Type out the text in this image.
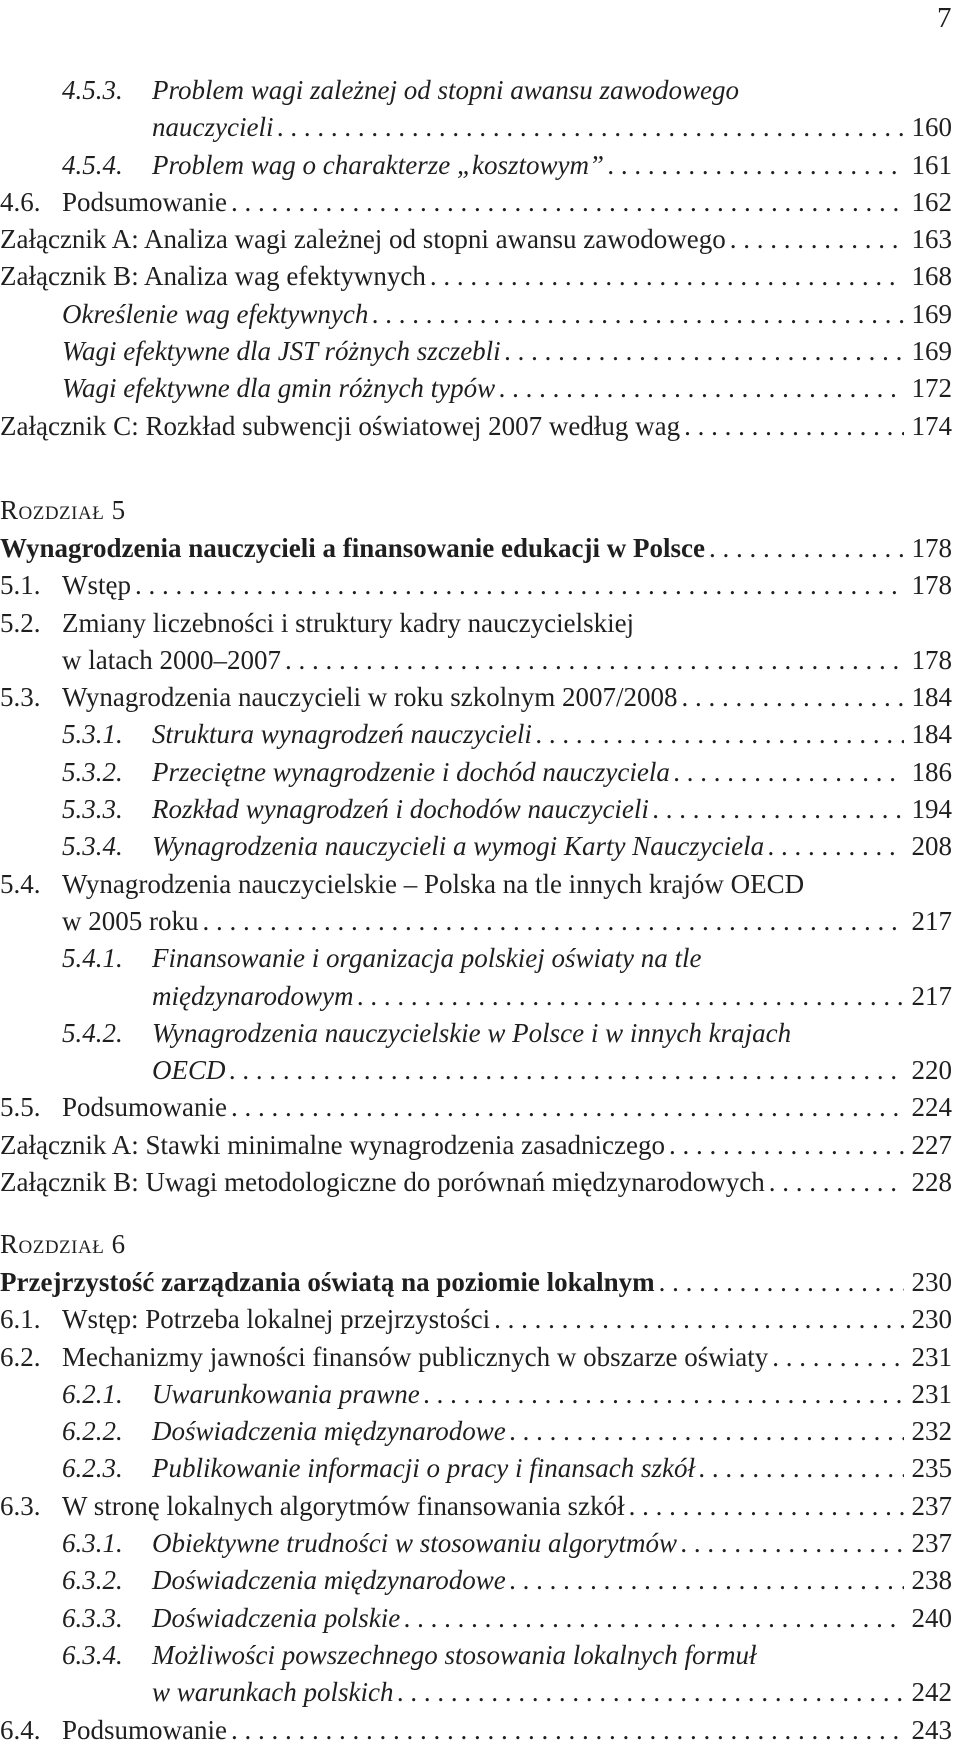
7
4.5.3.	Problem wagi zależnej od stopni awansu zawodowego
nauczycieli . . .	160
4.5.4.	Problem wag o charakterze „kosztowym” . . .	161
4.6. Podsumowanie . . .	162
Załącznik A: Analiza wagi zależnej od stopni awansu zawodowego . . .	163
Załącznik B: Analiza wag efektywnych . . .	168
Określenie wag efektywnych . . .	169
Wagi efektywne dla JST różnych szczebli . . .	169
Wagi efektywne dla gmin różnych typów . . .	172
Załącznik C: Rozkład subwencji oświatowej 2007 według wag . . .	174
Rozdział 5
Wynagrodzenia nauczycieli a finansowanie edukacji w Polsce . . .	178
5.1. Wstęp . . .	178
5.2. Zmiany liczebności i struktury kadry nauczycielskiej
w latach 2000–2007 . . .	178
5.3. Wynagrodzenia nauczycieli w roku szkolnym 2007/2008 . . .	184
5.3.1.	Struktura wynagrodzeń nauczycieli . . .	184
5.3.2.	Przeciętne wynagrodzenie i dochód nauczyciela . . .	186
5.3.3.	Rozkład wynagrodzeń i dochodów nauczycieli . . .	194
5.3.4.	Wynagrodzenia nauczycieli a wymogi Karty Nauczyciela . . .	208
5.4. Wynagrodzenia nauczycielskie – Polska na tle innych krajów OECD
w 2005 roku . . .	217
5.4.1.	Finansowanie i organizacja polskiej oświaty na tle
międzynarodowym . . .	217
5.4.2.	Wynagrodzenia nauczycielskie w Polsce i w innych krajach
OECD . . .	220
5.5. Podsumowanie . . .	224
Załącznik A: Stawki minimalne wynagrodzenia zasadniczego . . .	227
Załącznik B: Uwagi metodologiczne do porównań międzynarodowych . . .	228
Rozdział 6
Przejrzystość zarządzania oświatą na poziomie lokalnym . . .	230
6.1. Wstęp: Potrzeba lokalnej przejrzystości . . .	230
6.2. Mechanizmy jawności finansów publicznych w obszarze oświaty . . .	231
6.2.1.	Uwarunkowania prawne . . .	231
6.2.2.	Doświadczenia międzynarodowe . . .	232
6.2.3.	Publikowanie informacji o pracy i finansach szkół . . .	235
6.3. W stronę lokalnych algorytmów finansowania szkół . . .	237
6.3.1.	Obiektywne trudności w stosowaniu algorytmów . . .	237
6.3.2.	Doświadczenia międzynarodowe . . .	238
6.3.3.	Doświadczenia polskie . . .	240
6.3.4.	Możliwości powszechnego stosowania lokalnych formuł
w warunkach polskich . . .	242
6.4. Podsumowanie . . .	243
